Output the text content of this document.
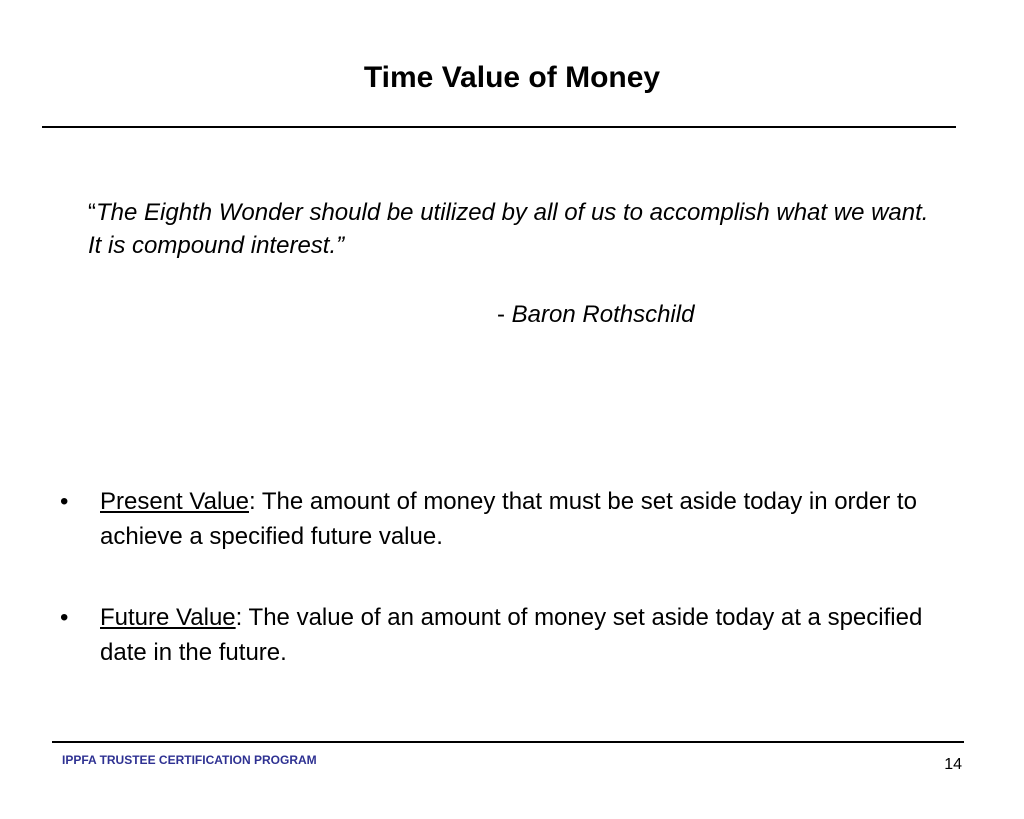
Time Value of Money
“The Eighth Wonder should be utilized by all of us to accomplish what we want. It is compound interest.”
- Baron Rothschild
• Present Value: The amount of money that must be set aside today in order to achieve a specified future value.
• Future Value: The value of an amount of money set aside today at a specified date in the future.
IPPFA TRUSTEE CERTIFICATION PROGRAM	14
